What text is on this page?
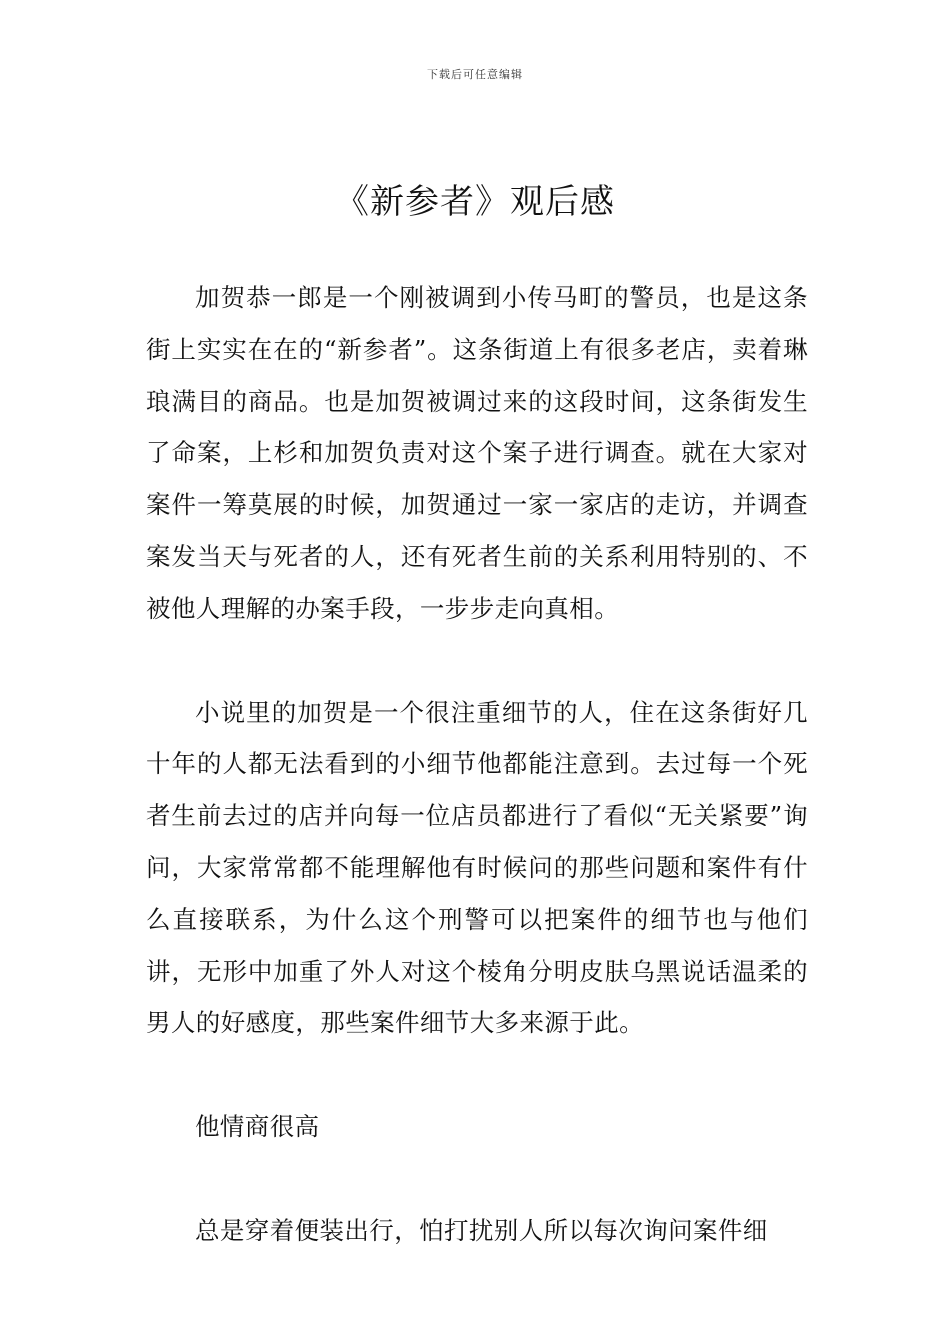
下载后可任意编辑
《新参者》观后感

加贺恭一郎是一个刚被调到小传马町的警员，也是这条街上实实在在的“新参者”。这条街道上有很多老店，卖着琳琅满目的商品。也是加贺被调过来的这段时间，这条街发生了命案，上杉和加贺负责对这个案子进行调查。就在大家对案件一筹莫展的时候，加贺通过一家一家店的走访，并调查案发当天与死者的人，还有死者生前的关系利用特别的、不被他人理解的办案手段，一步步走向真相。

小说里的加贺是一个很注重细节的人，住在这条街好几十年的人都无法看到的小细节他都能注意到。去过每一个死者生前去过的店并向每一位店员都进行了看似“无关紧要”询问，大家常常都不能理解他有时候问的那些问题和案件有什么直接联系，为什么这个刑警可以把案件的细节也与他们讲，无形中加重了外人对这个棱角分明皮肤乌黑说话温柔的男人的好感度，那些案件细节大多来源于此。

他情商很高

总是穿着便装出行，怕打扰别人所以每次询问案件细
